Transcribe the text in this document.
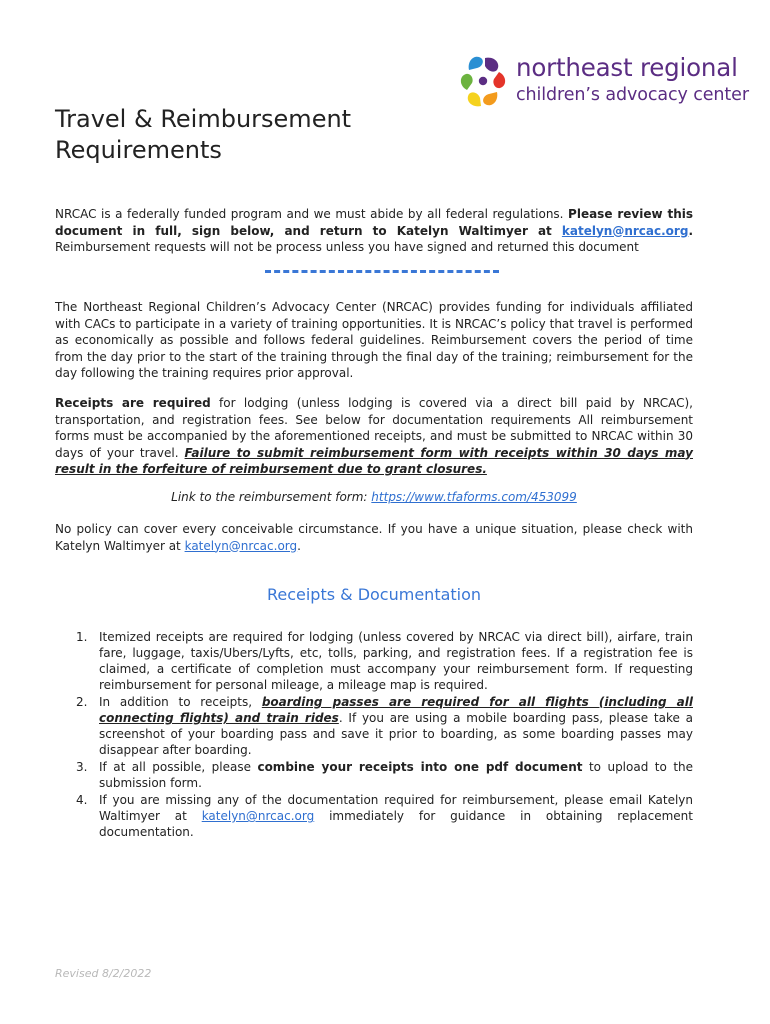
northeast regional
children’s advocacy center
Travel & Reimbursement
Requirements

NRCAC is a federally funded program and we must abide by all federal regulations. Please review this document in full, sign below, and return to Katelyn Waltimyer at katelyn@nrcac.org. Reimbursement requests will not be process unless you have signed and returned this document

The Northeast Regional Children’s Advocacy Center (NRCAC) provides funding for individuals affiliated with CACs to participate in a variety of training opportunities. It is NRCAC’s policy that travel is performed as economically as possible and follows federal guidelines. Reimbursement covers the period of time from the day prior to the start of the training through the final day of the training; reimbursement for the day following the training requires prior approval.

Receipts are required for lodging (unless lodging is covered via a direct bill paid by NRCAC), transportation, and registration fees. See below for documentation requirements All reimbursement forms must be accompanied by the aforementioned receipts, and must be submitted to NRCAC within 30 days of your travel. Failure to submit reimbursement form with receipts within 30 days may result in the forfeiture of reimbursement due to grant closures.

Link to the reimbursement form: https://www.tfaforms.com/453099

No policy can cover every conceivable circumstance. If you have a unique situation, please check with Katelyn Waltimyer at katelyn@nrcac.org.

Receipts & Documentation
1. Itemized receipts are required for lodging (unless covered by NRCAC via direct bill), airfare, train fare, luggage, taxis/Ubers/Lyfts, etc, tolls, parking, and registration fees. If a registration fee is claimed, a certificate of completion must accompany your reimbursement form. If requesting reimbursement for personal mileage, a mileage map is required.
2. In addition to receipts, boarding passes are required for all flights (including all connecting flights) and train rides. If you are using a mobile boarding pass, please take a screenshot of your boarding pass and save it prior to boarding, as some boarding passes may disappear after boarding.
3. If at all possible, please combine your receipts into one pdf document to upload to the submission form.
4. If you are missing any of the documentation required for reimbursement, please email Katelyn Waltimyer at katelyn@nrcac.org immediately for guidance in obtaining replacement documentation.
Revised 8/2/2022
